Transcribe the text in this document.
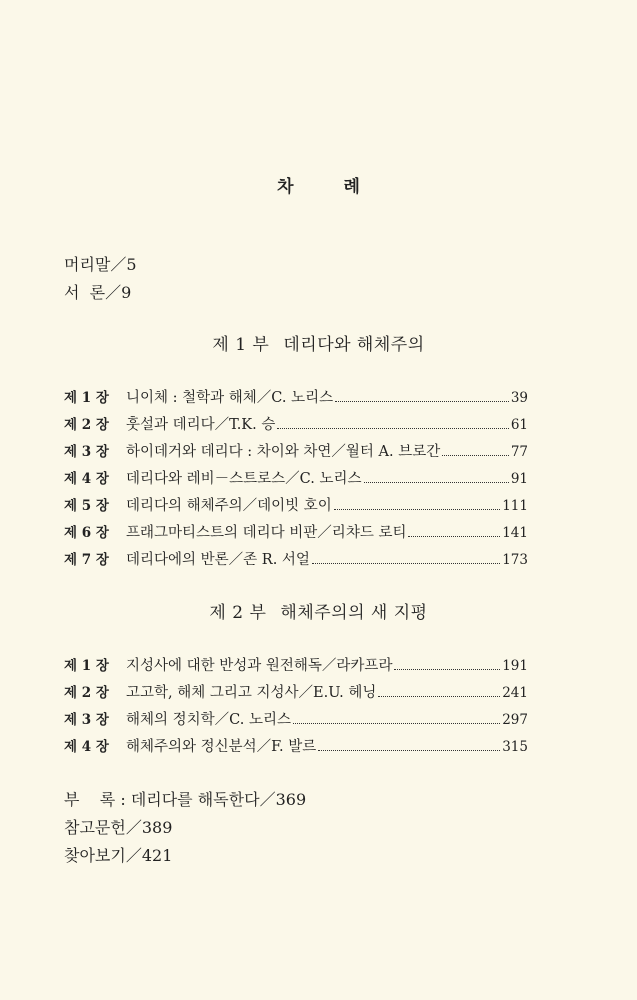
차 례
머리말／5
서  론／9
제 1 부 데리다와 해체주의
제 1 장	니이체 : 철학과 해체／C. 노리스	39
제 2 장	훗설과 데리다／T.K. 승	61
제 3 장	하이데거와 데리다 : 차이와 차연／월터 A. 브로간	77
제 4 장	데리다와 레비－스트로스／C. 노리스	91
제 5 장	데리다의 해체주의／데이빗 호이	111
제 6 장	프래그마티스트의 데리다 비판／리챠드 로티	141
제 7 장	데리다에의 반론／존 R. 서얼	173
제 2 부 해체주의의 새 지평
제 1 장	지성사에 대한 반성과 원전해독／라카프라	191
제 2 장	고고학, 해체 그리고 지성사／E.U. 헤닝	241
제 3 장	해체의 정치학／C. 노리스	297
제 4 장	해체주의와 정신분석／F. 발르	315
부    록 : 데리다를 해독한다／369
참고문헌／389
찾아보기／421
